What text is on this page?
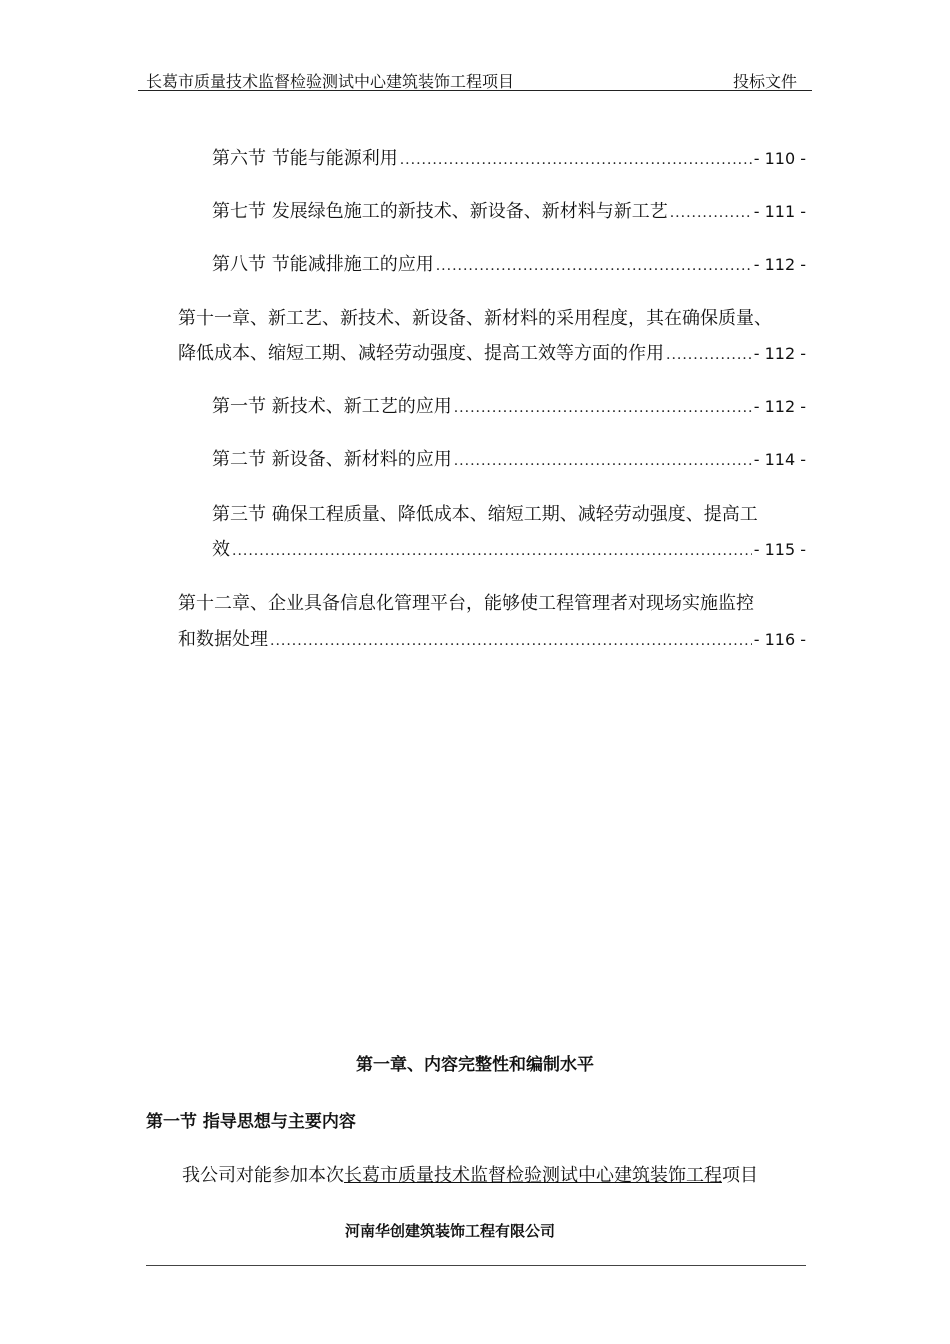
长葛市质量技术监督检验测试中心建筑装饰工程项目	投标文件
第六节 节能与能源利用 .....	- 110 -
第七节 发展绿色施工的新技术、新设备、新材料与新工艺 .....	- 111 -
第八节 节能减排施工的应用 .....	- 112 -
第十一章、新工艺、新技术、新设备、新材料的采用程度，其在确保质量、
降低成本、缩短工期、减轻劳动强度、提高工效等方面的作用 .....	- 112 -
第一节 新技术、新工艺的应用 .....	- 112 -
第二节 新设备、新材料的应用 .....	- 114 -
第三节 确保工程质量、降低成本、缩短工期、减轻劳动强度、提高工
效 .....	- 115 -
第十二章、企业具备信息化管理平台，能够使工程管理者对现场实施监控
和数据处理 .....	- 116 -
第一章、内容完整性和编制水平
第一节 指导思想与主要内容
我公司对能参加本次长葛市质量技术监督检验测试中心建筑装饰工程项目
河南华创建筑装饰工程有限公司
